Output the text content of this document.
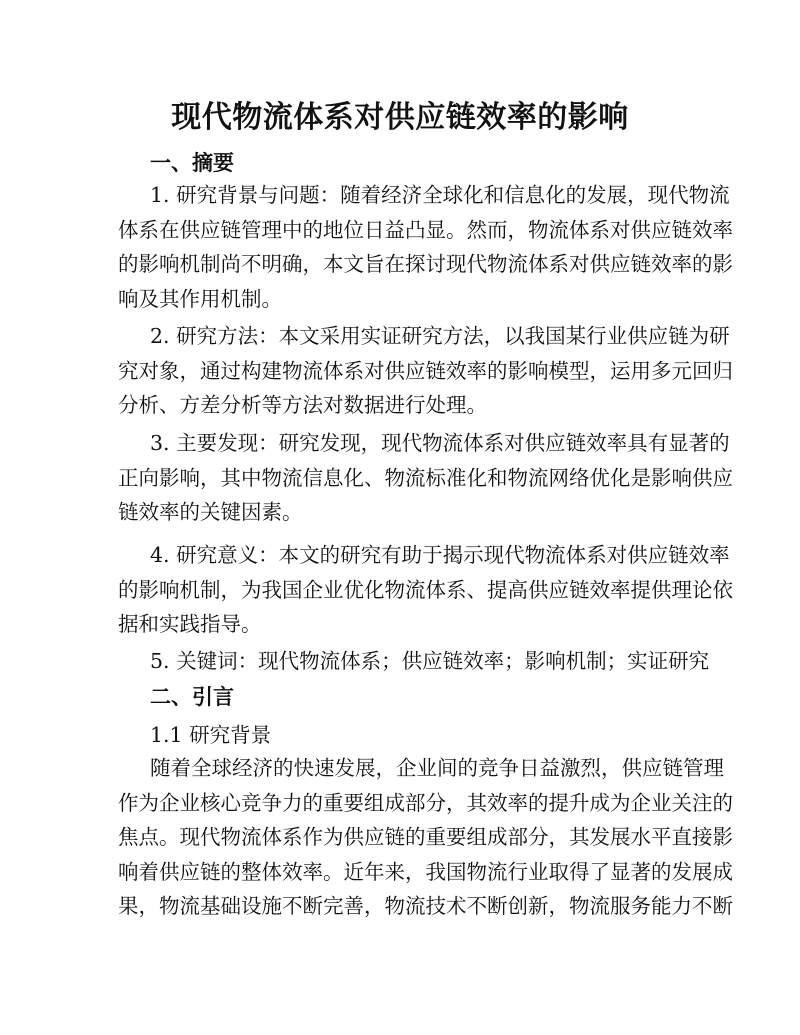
现代物流体系对供应链效率的影响
一、摘要
1. 研究背景与问题：随着经济全球化和信息化的发展，现代物流
体系在供应链管理中的地位日益凸显。然而，物流体系对供应链效率
的影响机制尚不明确，本文旨在探讨现代物流体系对供应链效率的影
响及其作用机制。
2. 研究方法：本文采用实证研究方法，以我国某行业供应链为研
究对象，通过构建物流体系对供应链效率的影响模型，运用多元回归
分析、方差分析等方法对数据进行处理。
3. 主要发现：研究发现，现代物流体系对供应链效率具有显著的
正向影响，其中物流信息化、物流标准化和物流网络优化是影响供应
链效率的关键因素。
4. 研究意义：本文的研究有助于揭示现代物流体系对供应链效率
的影响机制，为我国企业优化物流体系、提高供应链效率提供理论依
据和实践指导。
5. 关键词：现代物流体系；供应链效率；影响机制；实证研究
二、引言
1.1 研究背景
随着全球经济的快速发展，企业间的竞争日益激烈，供应链管理
作为企业核心竞争力的重要组成部分，其效率的提升成为企业关注的
焦点。现代物流体系作为供应链的重要组成部分，其发展水平直接影
响着供应链的整体效率。近年来，我国物流行业取得了显著的发展成
果，物流基础设施不断完善，物流技术不断创新，物流服务能力不断
